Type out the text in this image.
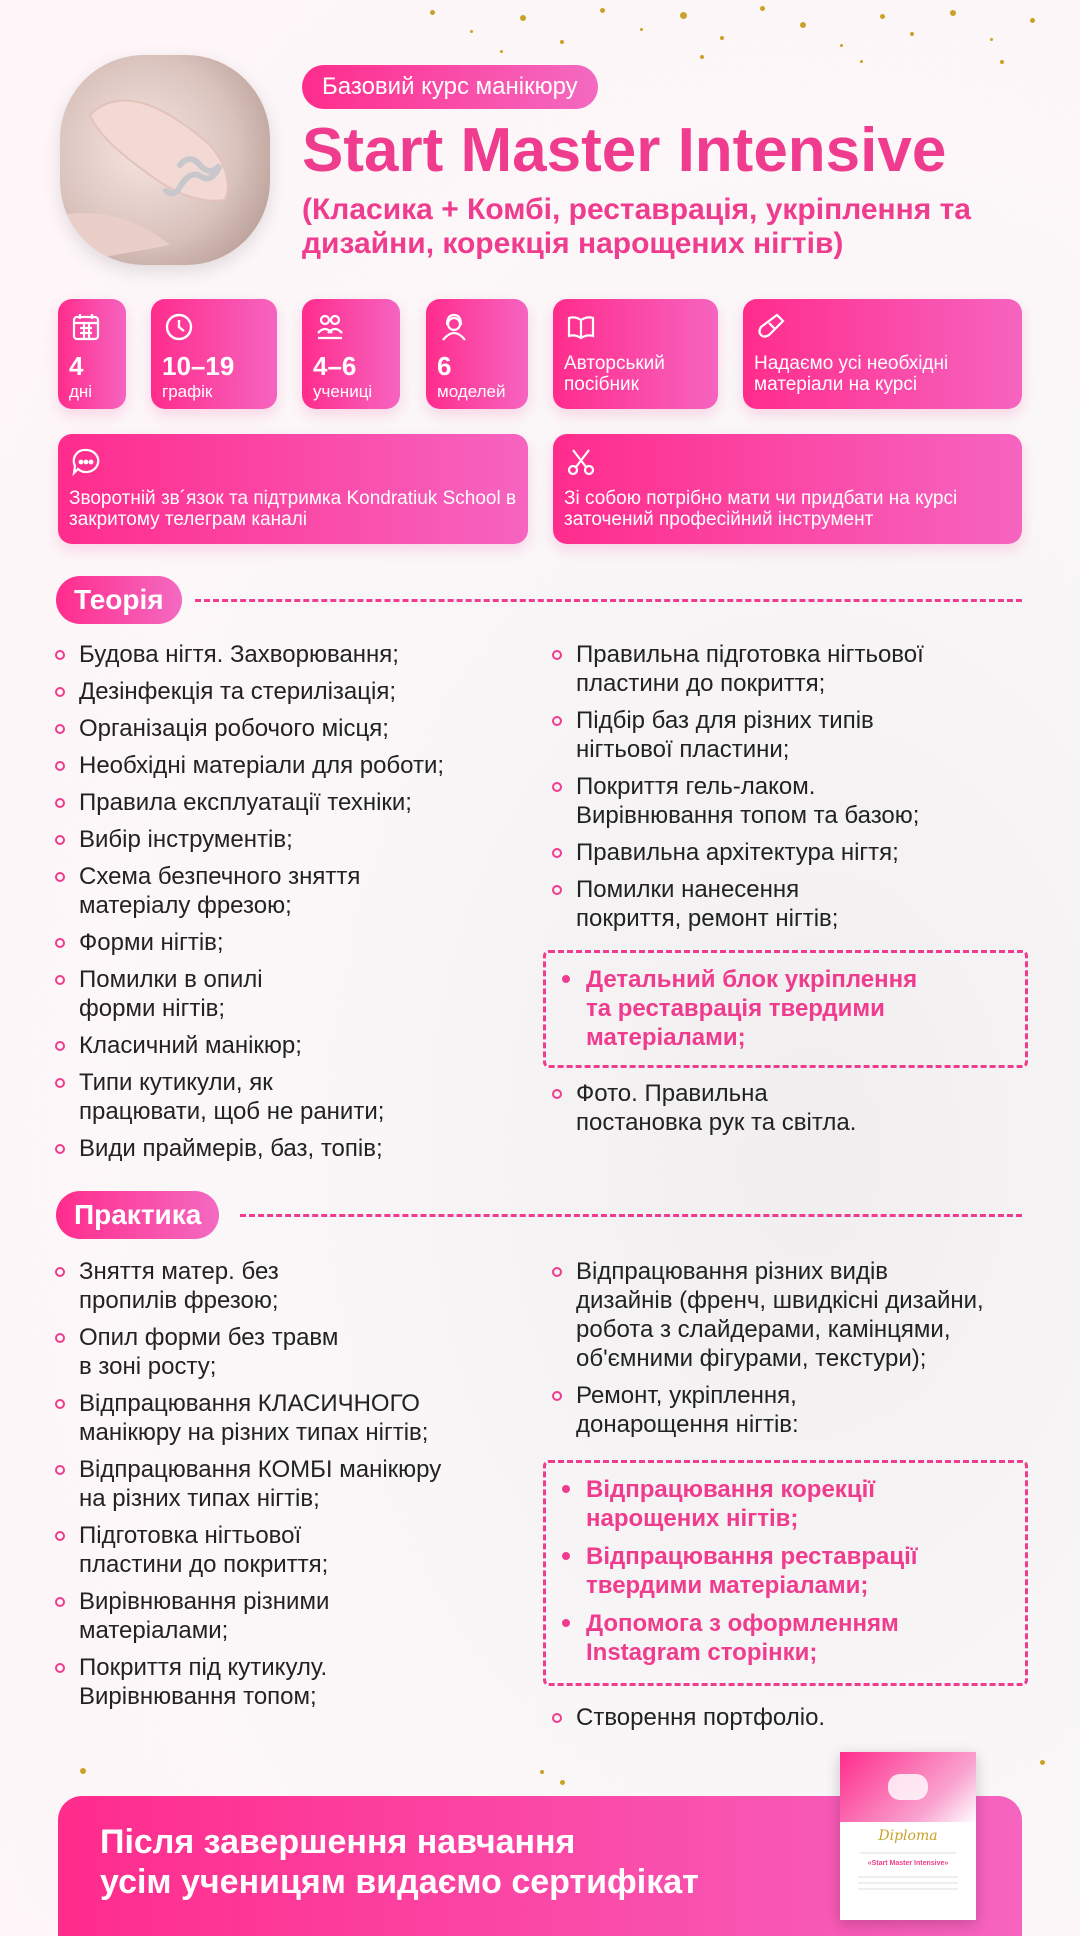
Базовий курс манікюру
Start Master Intensive
(Класика + Комбі, реставрація, укріплення та дизайни, корекція нарощених нігтів)
4
дні
10–19
графік
4–6
учениці
6
моделей
Авторський посібник
Надаємо усі необхідні матеріали на курсі
Зворотній зв´язок та підтримка Kondratiuk School в закритому телеграм каналі
Зі собою потрібно мати чи придбати на курсі заточений професійний інструмент
Теорія
Будова нігтя. Захворювання;
Дезінфекція та стерилізація;
Організація робочого місця;
Необхідні матеріали для роботи;
Правила експлуатації техніки;
Вибір інструментів;
Схема безпечного зняття
матеріалу фрезою;
Форми нігтів;
Помилки в опилі
форми нігтів;
Класичний манікюр;
Типи кутикули, як
працювати, щоб не ранити;
Види праймерів, баз, топів;
Правильна підготовка нігтьової
пластини до покриття;
Підбір баз для різних типів
нігтьової пластини;
Покриття гель-лаком.
Вирівнювання топом та базою;
Правильна архітектура нігтя;
Помилки нанесення
покриття, ремонт нігтів;
Детальний блок укріплення
та реставрація твердими
матеріалами;
Фото. Правильна
постановка рук та світла.
Практика
Зняття матер. без
пропилів фрезою;
Опил форми без травм
в зоні росту;
Відпрацювання КЛАСИЧНОГО
манікюру на різних типах нігтів;
Відпрацювання КОМБІ манікюру
на різних типах нігтів;
Підготовка нігтьової
пластини до покриття;
Вирівнювання різними
матеріалами;
Покриття під кутикулу.
Вирівнювання топом;
Відпрацювання різних видів
дизайнів (френч, швидкісні дизайни,
робота з слайдерами, камінцями,
об'ємними фігурами, текстури);
Ремонт, укріплення,
донарощення нігтів:
Відпрацювання корекції
нарощених нігтів;
Відпрацювання реставрації
твердими матеріалами;
Допомога з оформленням
Instagram сторінки;
Створення портфоліо.
Після завершення навчання
усім ученицям видаємо сертифікат
Diploma
«Start Master Intensive»
